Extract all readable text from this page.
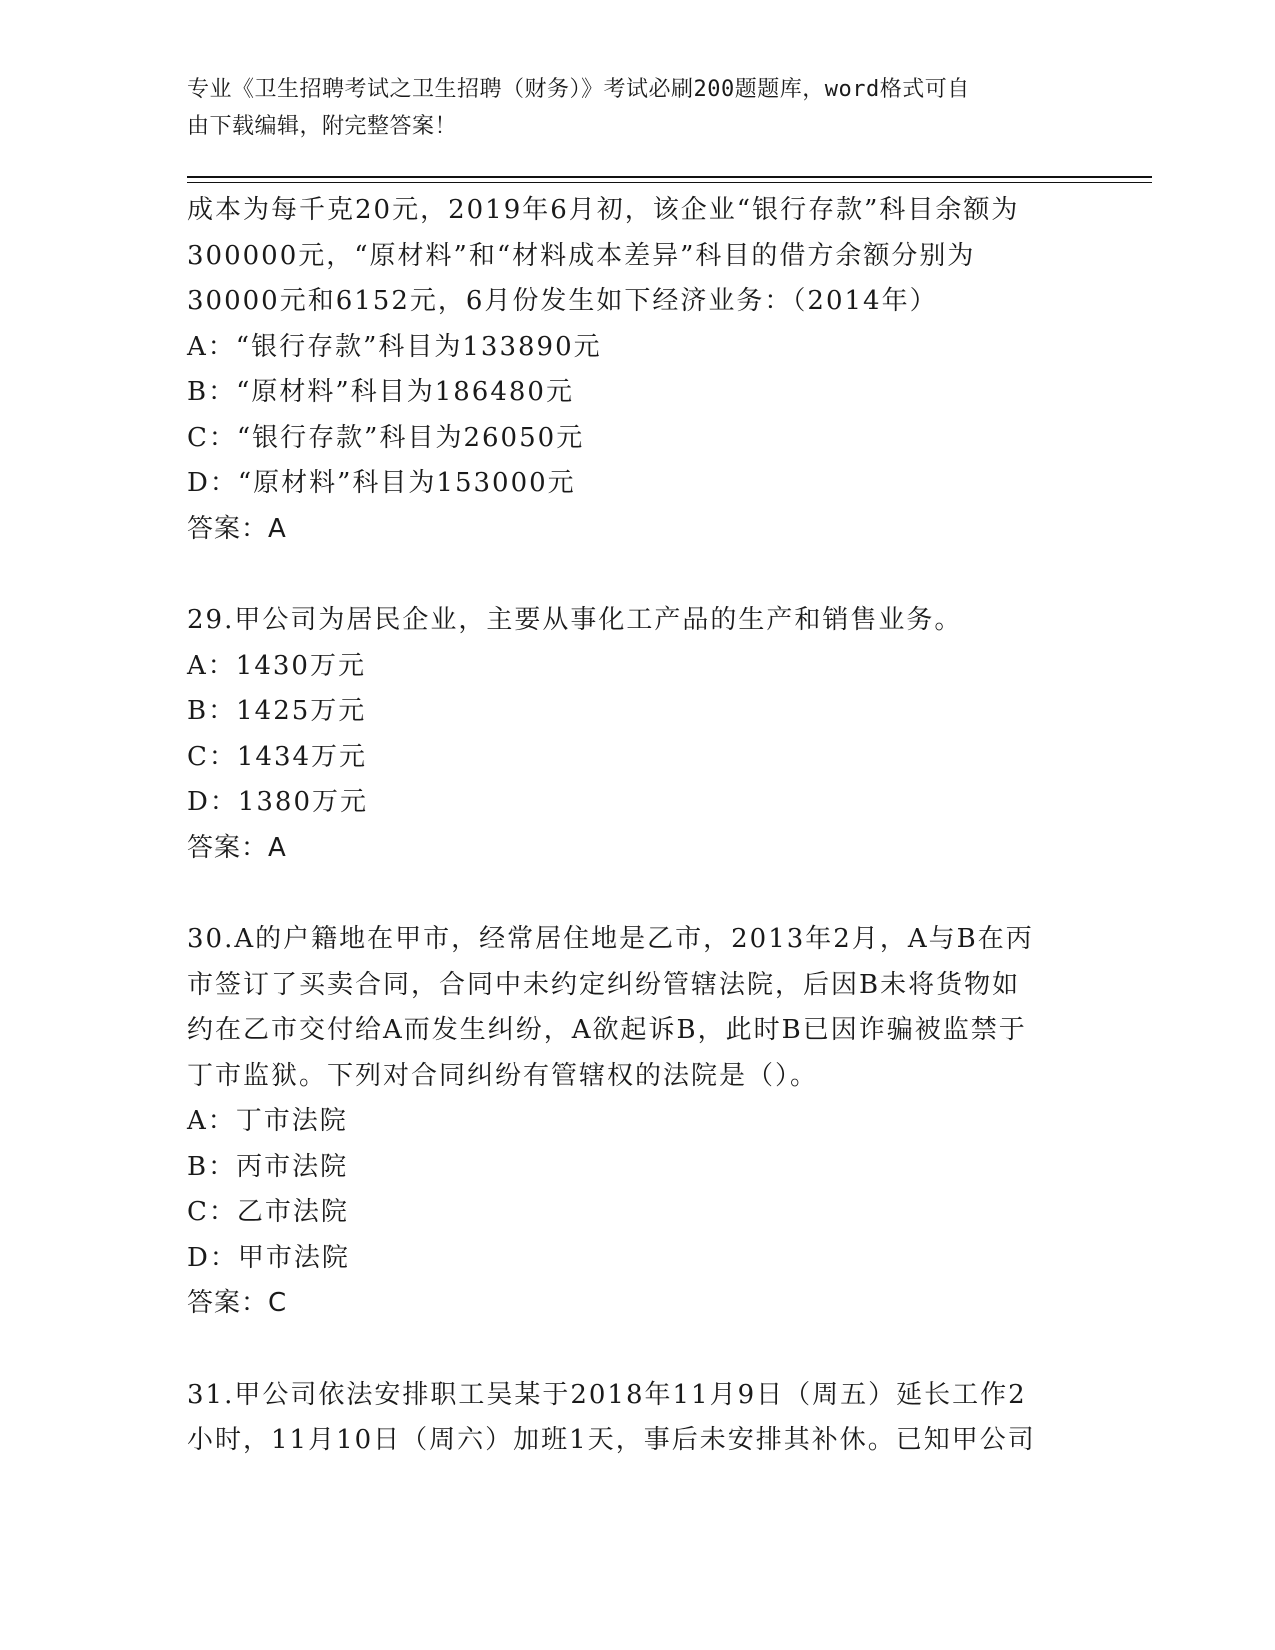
专业《卫生招聘考试之卫生招聘（财务）》考试必刷200题题库，word格式可自
由下载编辑，附完整答案！
成本为每千克20元，2019年6月初，该企业“银行存款”科目余额为
300000元，“原材料”和“材料成本差异”科目的借方余额分别为
30000元和6152元，6月份发生如下经济业务：（2014年）
A：“银行存款”科目为133890元
B：“原材料”科目为186480元
C：“银行存款”科目为26050元
D：“原材料”科目为153000元
答案：A
29.甲公司为居民企业，主要从事化工产品的生产和销售业务。
A：1430万元
B：1425万元
C：1434万元
D：1380万元
答案：A
30.A的户籍地在甲市，经常居住地是乙市，2013年2月，A与B在丙
市签订了买卖合同，合同中未约定纠纷管辖法院，后因B未将货物如
约在乙市交付给A而发生纠纷，A欲起诉B，此时B已因诈骗被监禁于
丁市监狱。下列对合同纠纷有管辖权的法院是（）。
A：丁市法院
B：丙市法院
C：乙市法院
D：甲市法院
答案：C
31.甲公司依法安排职工吴某于2018年11月9日（周五）延长工作2
小时，11月10日（周六）加班1天，事后未安排其补休。已知甲公司
